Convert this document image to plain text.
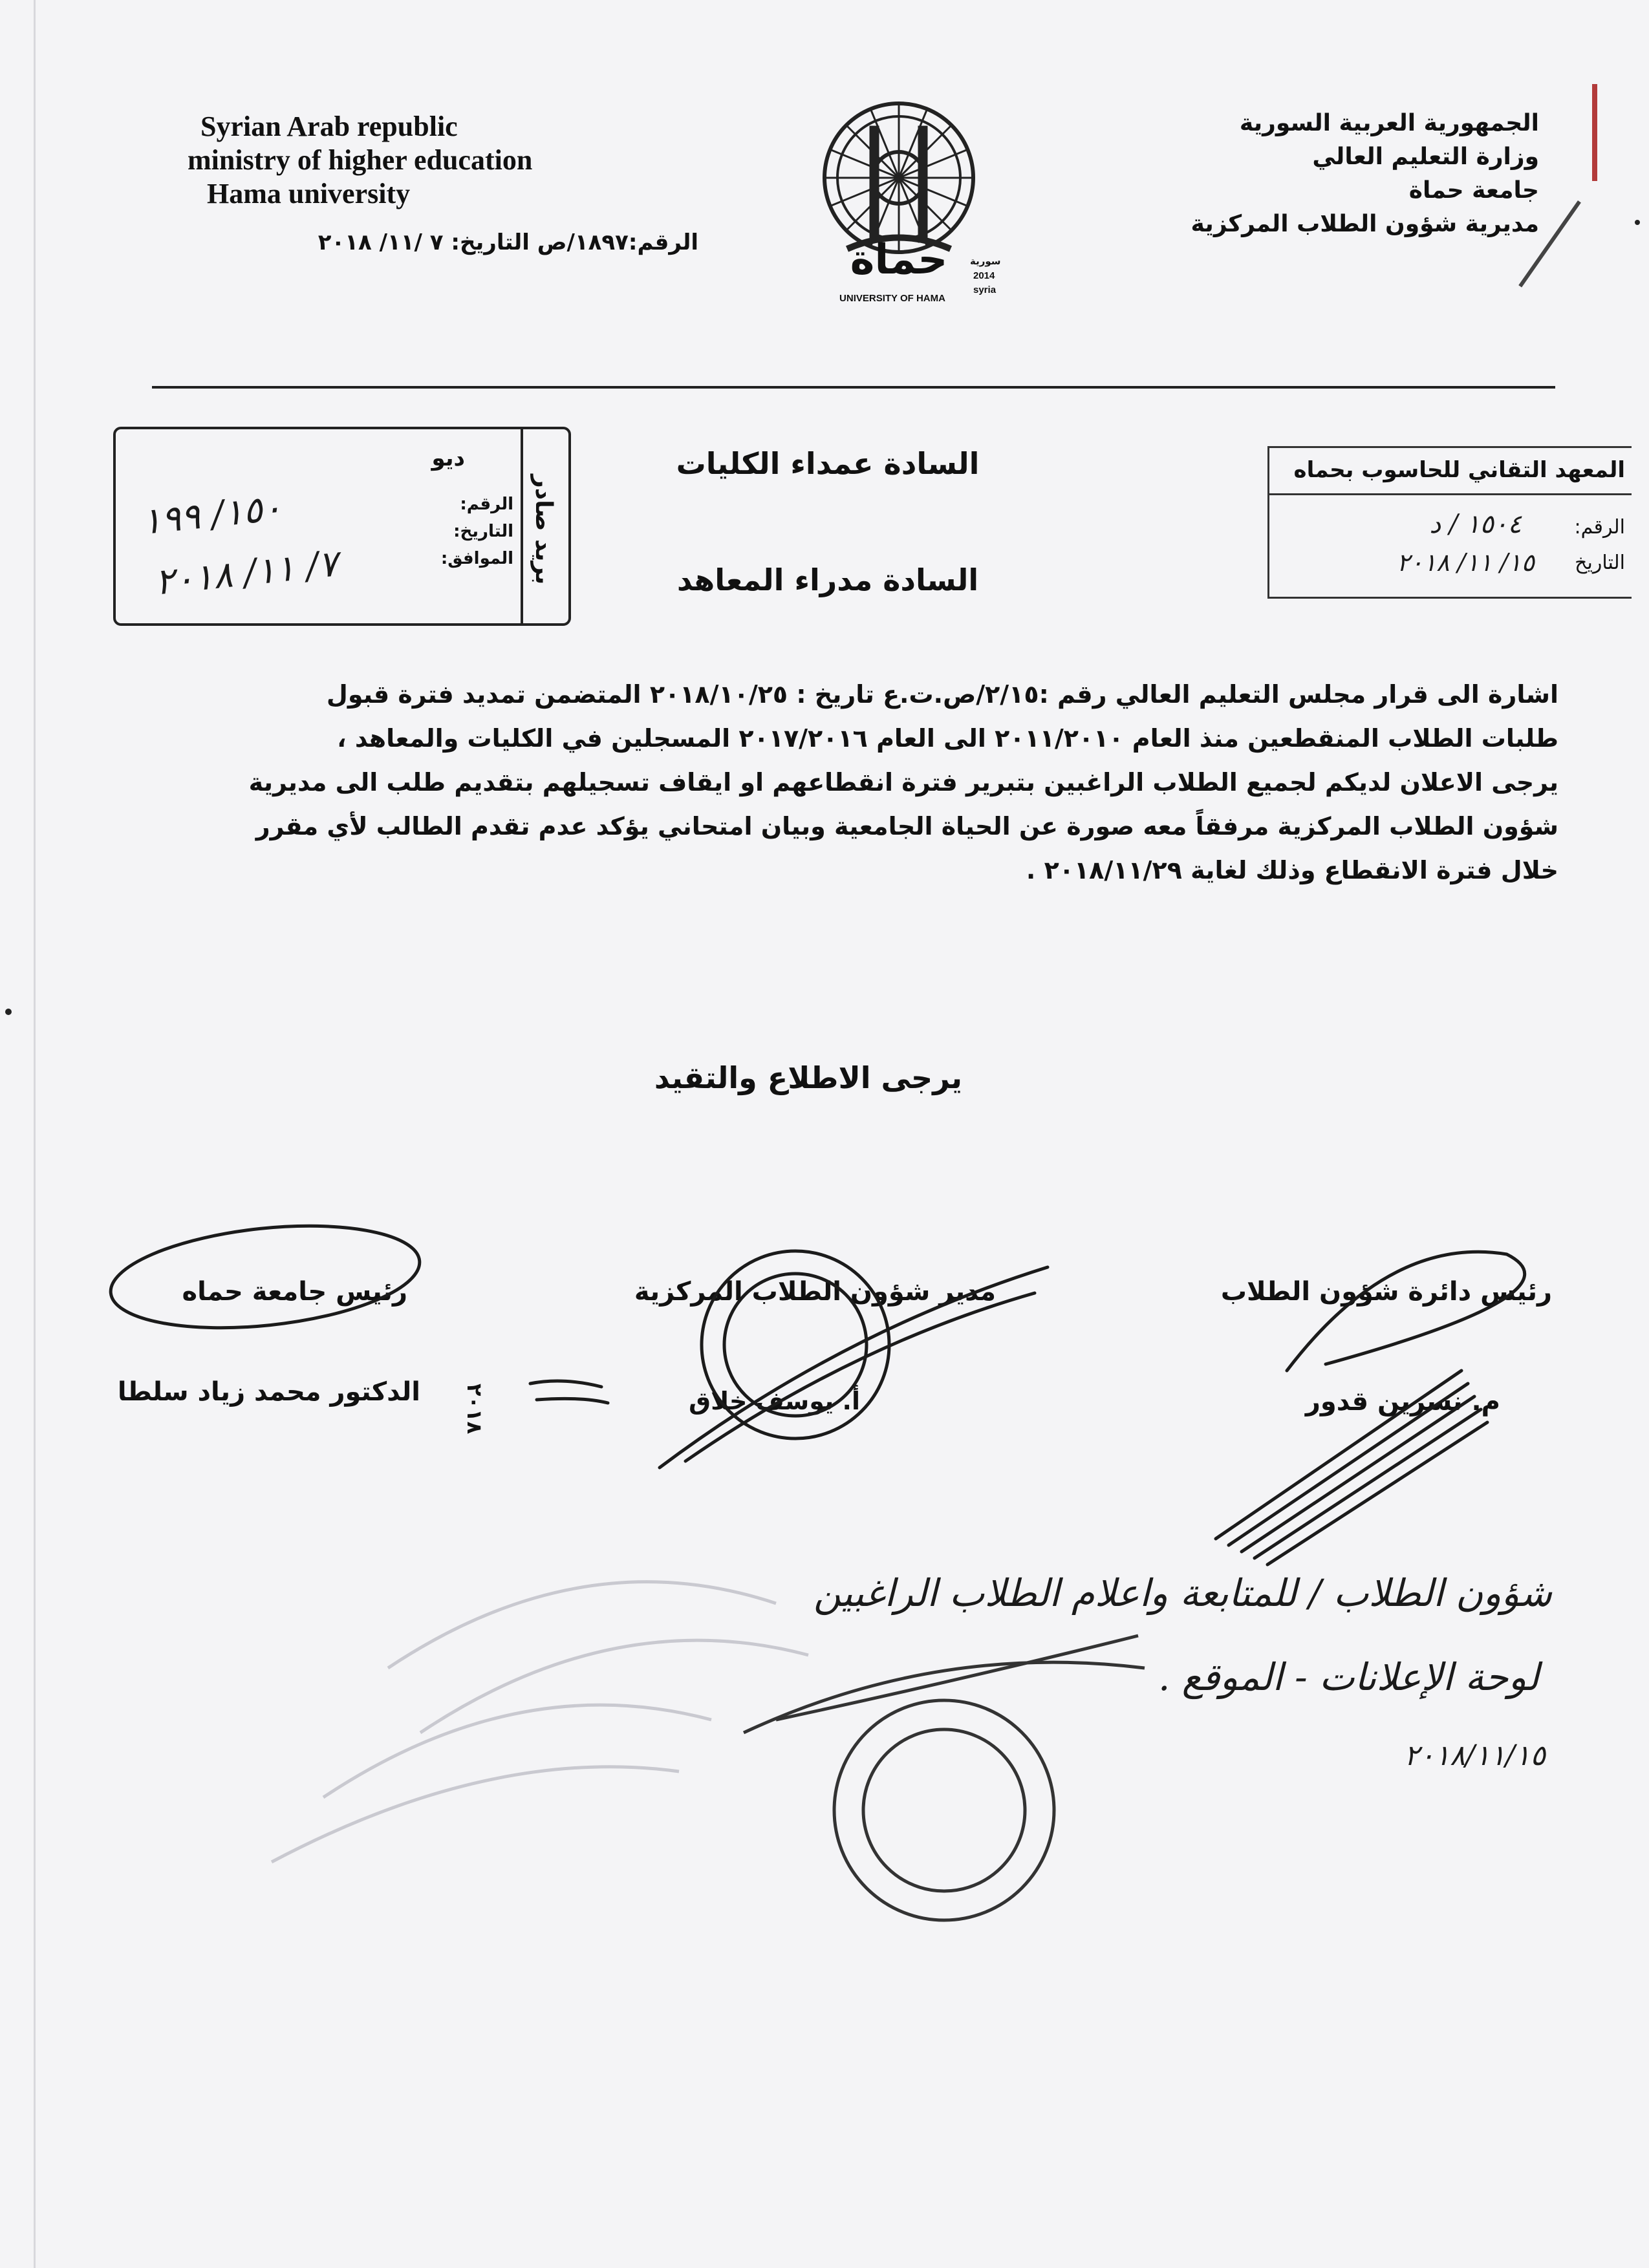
Syrian Arab republic
ministry of higher education
Hama university
الرقم:١٨٩٧/ص التاريخ: ٧ /١١/ ٢٠١٨	حماة
UNIVERSITY OF HAMA
سورية
2014
syria
الجمهورية العربية السورية
وزارة التعليم العالي
جامعة حماة
مديرية شؤون الطلاب المركزية
بريد صادر
ديو
الرقم:
التاريخ:
الموافق:
١٥٠/ ١٩٩
٧/ ١١/ ٢٠١٨
المعهد التقاني للحاسوب بحماه
الرقم:
١٥٠٤ / د
التاريخ
١٥/ ١١/ ٢٠١٨
السادة عمداء الكليات
السادة مدراء المعاهد
اشارة الى قرار مجلس التعليم العالي رقم :٢/١٥/ص.ت.ع تاريخ : ٢٠١٨/١٠/٢٥ المتضمن تمديد فترة قبول
طلبات الطلاب المنقطعين منذ العام ٢٠١١/٢٠١٠ الى العام ٢٠١٧/٢٠١٦ المسجلين في الكليات والمعاهد ،
يرجى الاعلان لديكم لجميع الطلاب الراغبين بتبرير فترة انقطاعهم او ايقاف تسجيلهم بتقديم طلب الى مديرية
شؤون الطلاب المركزية مرفقاً معه صورة عن الحياة الجامعية وبيان امتحاني يؤكد عدم تقدم الطالب لأي مقرر
خلال فترة الانقطاع وذلك لغاية ٢٠١٨/١١/٢٩ .
يرجى الاطلاع والتقيد
رئيس دائرة شؤون الطلاب
م. نسرين قدور
مدير شؤون الطلاب المركزية
أ. يوسف خلاق
رئيس جامعة حماه
الدكتور محمد زياد سلطا ٢٠١٨
شؤون الطلاب / للمتابعة واعلام الطلاب الراغبين
لوحة الإعلانات - الموقع .
٢٠١٨/١١/١٥
